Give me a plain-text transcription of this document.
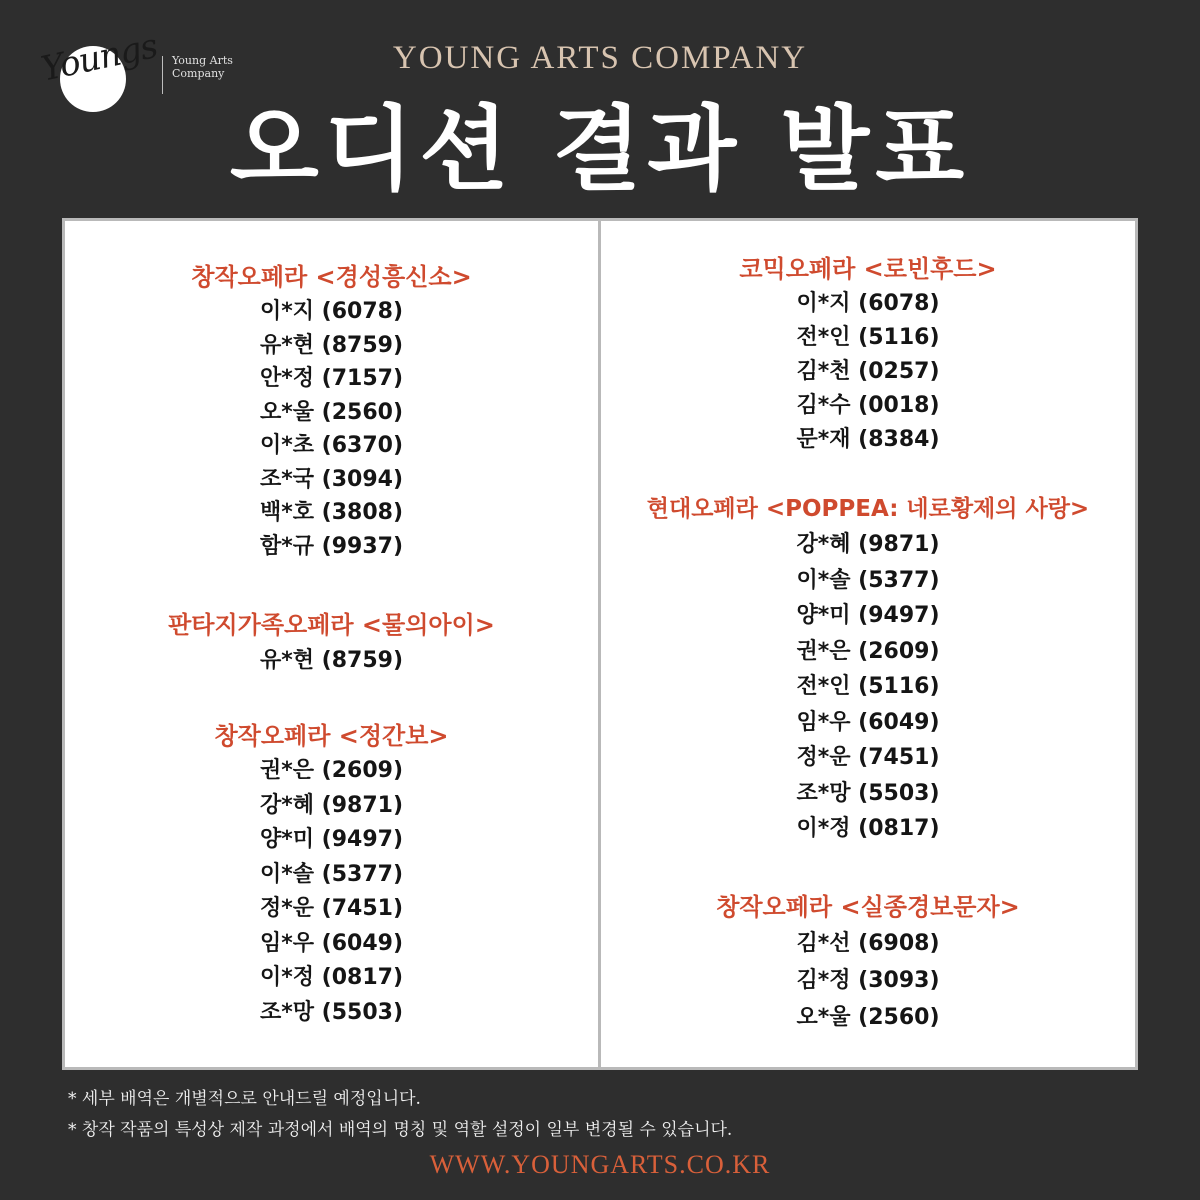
Youngs Young Arts
Company	YOUNG ARTS COMPANY
오디션 결과 발표
창작오페라 <경성흥신소>
이*지 (6078)
유*현 (8759)
안*정 (7157)
오*울 (2560)
이*초 (6370)
조*국 (3094)
백*호 (3808)
함*규 (9937)
판타지가족오페라 <물의아이>
유*현 (8759)
창작오페라 <정간보>
권*은 (2609)
강*혜 (9871)
양*미 (9497)
이*솔 (5377)
정*운 (7451)
임*우 (6049)
이*정 (0817)
조*망 (5503)
코믹오페라 <로빈후드>
이*지 (6078)
전*인 (5116)
김*천 (0257)
김*수 (0018)
문*재 (8384)
현대오페라 <POPPEA: 네로황제의 사랑>
강*혜 (9871)
이*솔 (5377)
양*미 (9497)
권*은 (2609)
전*인 (5116)
임*우 (6049)
정*운 (7451)
조*망 (5503)
이*정 (0817)
창작오페라 <실종경보문자>
김*선 (6908)
김*정 (3093)
오*울 (2560)
* 세부 배역은 개별적으로 안내드릴 예정입니다.
* 창작 작품의 특성상 제작 과정에서 배역의 명칭 및 역할 설정이 일부 변경될 수 있습니다.
WWW.YOUNGARTS.CO.KR
